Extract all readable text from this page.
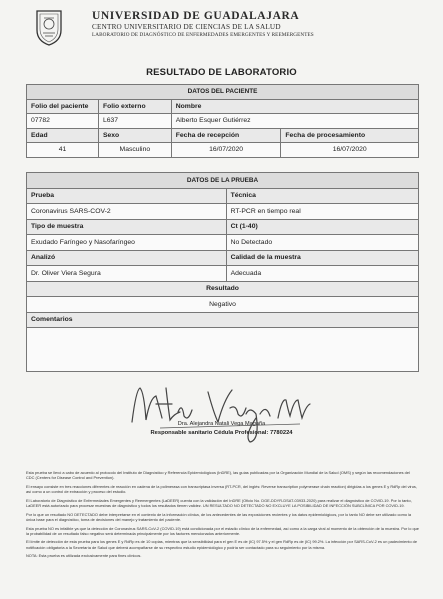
UNIVERSIDAD DE GUADALAJARA
CENTRO UNIVERSITARIO DE CIENCIAS DE LA SALUD
LABORATORIO DE DIAGNÓSTICO DE ENFERMEDADES EMERGENTES Y REEMERGENTES
RESULTADO DE LABORATORIO
DATOS DEL PACIENTE			
Folio del paciente	Folio externo	Nombre	
07782	L637	Alberto Esquer Gutiérrez	
Edad	Sexo	Fecha de recepción	Fecha de procesamiento
41	Masculino	16/07/2020	16/07/2020
DATOS DE LA PRUEBA	
Prueba	Técnica
Coronavirus SARS-COV-2	RT-PCR en tiempo real
Tipo de muestra	Ct (1-40)
Exudado Faríngeo y Nasofaríngeo	No Detectado
Analizó	Calidad de la muestra
Dr. Oliver Viera Segura	Adecuada
Resultado	
Negativo	
Comentarios	

Dra. Alejandra Natali Vega Magaña
Responsable sanitario Cédula Profesional: 7780224

Esta prueba se llevó a cabo de acuerdo al protocolo del Instituto de Diagnóstico y Referencia Epidemiológicos (InDRE), las guías publicadas por la Organización Mundial de la Salud (OMS) y según las recomendaciones del CDC (Centers for Disease Control and Prevention).

El ensayo consiste en tres reacciones diferentes de reacción en cadena de la polimerasa con transcriptasa inversa (RT-PCR, del inglés: Reverse transcription polymerase chain reaction) dirigidas a los genes E y RdRp del virus, así como a un control de extracción y proceso del estudio.

El Laboratorio de Diagnóstico de Enfermedades Emergentes y Reemergentes (LaDEER) cuenta con la validación del InDRE (Oficio No. DGE-DDYR-DSAT-03933-2020) para realizar el diagnóstico de COVID-19. Por lo tanto, LaDEER está autorizado para procesar muestras de diagnóstico y todos los resultados tienen validez. UN RESULTADO NO DETECTADO NO EXCLUYE LA POSIBILIDAD DE INFECCIÓN SUBCLÍNICA POR COVID-19.

Por lo que un resultado NO DETECTADO debe interpretarse en el contexto de la información clínica, de los antecedentes de las exposiciones recientes y los datos epidemiológicos, por lo tanto NO debe ser utilizado como la única base para el diagnóstico, toma de decisiones del manejo y tratamiento del paciente.

Esta prueba NO es infalible ya que la detección de Coronavirus SARS-CoV-2 (COVID-19) está condicionada por el estadio clínico de la enfermedad, así como a la carga viral al momento de la obtención de la muestra. Por lo que la probabilidad de un resultado falso negativo será determinada principalmente por los factores mencionados anteriormente.

El límite de detección de esta prueba para los genes E y RdRp es de 10 copias, mientras que la sensibilidad para el gen E es de (IC) 97.5% y el gen RdRp es de (IC) 99.2%. La infección por SARS-CoV-2 es un padecimiento de notificación obligatoria a la Secretaría de Salud que deberá acompañarse de su respectivo estudio epidemiológico y podría ser contactado para su seguimiento por la misma.

NOTA: Esta prueba es utilizada exclusivamente para fines clínicos.
